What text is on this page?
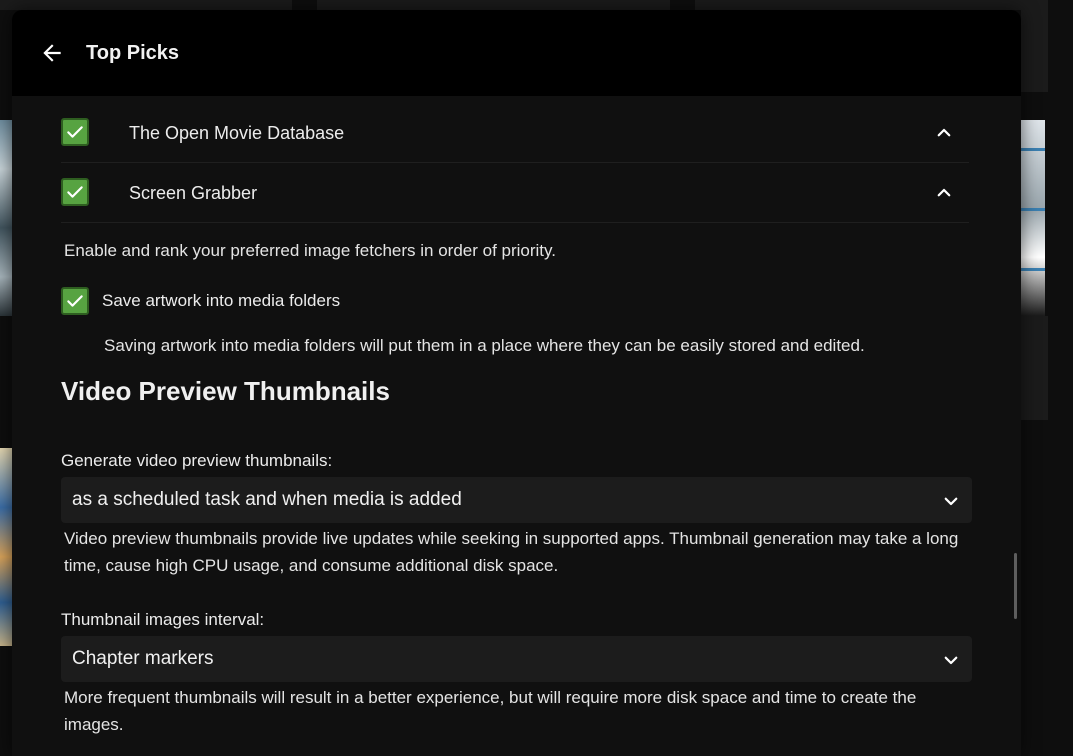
Top Picks
The Open Movie Database
Screen Grabber
Enable and rank your preferred image fetchers in order of priority.
Save artwork into media folders
Saving artwork into media folders will put them in a place where they can be easily stored and edited.
Video Preview Thumbnails
Generate video preview thumbnails:
as a scheduled task and when media is added
Video preview thumbnails provide live updates while seeking in supported apps. Thumbnail generation may take a long time, cause high CPU usage, and consume additional disk space.
Thumbnail images interval:
Chapter markers
More frequent thumbnails will result in a better experience, but will require more disk space and time to create the images.
